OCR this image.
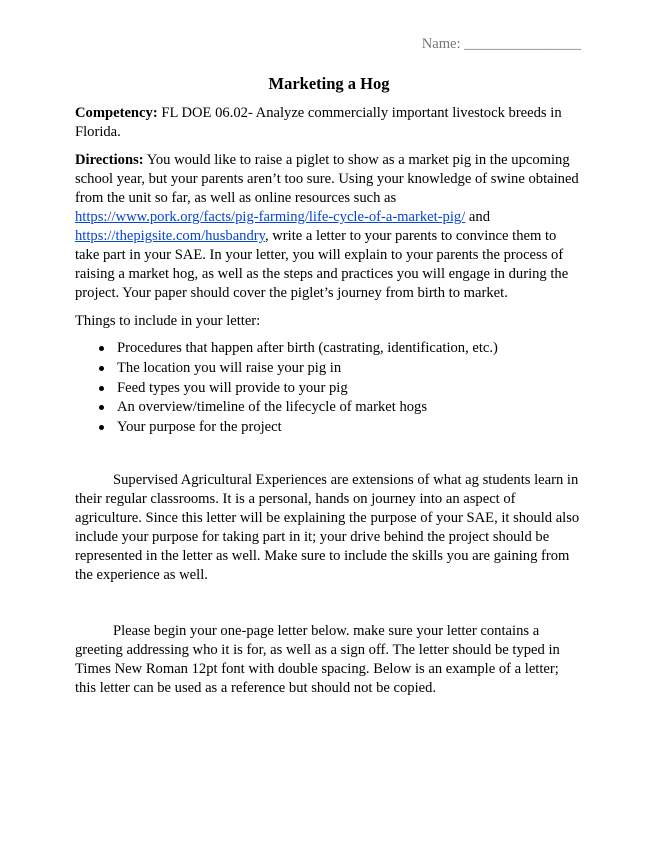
Name: ________________
Marketing a Hog

Competency: FL DOE 06.02- Analyze commercially important livestock breeds in Florida.

Directions: You would like to raise a piglet to show as a market pig in the upcoming school year, but your parents aren’t too sure. Using your knowledge of swine obtained from the unit so far, as well as online resources such as https://www.pork.org/facts/pig-farming/life-cycle-of-a-market-pig/ and https://thepigsite.com/husbandry, write a letter to your parents to convince them to take part in your SAE. In your letter, you will explain to your parents the process of raising a market hog, as well as the steps and practices you will engage in during the project. Your paper should cover the piglet’s journey from birth to market.

Things to include in your letter:

Procedures that happen after birth (castrating, identification, etc.)
The location you will raise your pig in
Feed types you will provide to your pig
An overview/timeline of the lifecycle of market hogs
Your purpose for the project

Supervised Agricultural Experiences are extensions of what ag students learn in their regular classrooms. It is a personal, hands on journey into an aspect of agriculture. Since this letter will be explaining the purpose of your SAE, it should also include your purpose for taking part in it; your drive behind the project should be represented in the letter as well. Make sure to include the skills you are gaining from the experience as well.

Please begin your one-page letter below. make sure your letter contains a greeting addressing who it is for, as well as a sign off. The letter should be typed in Times New Roman 12pt font with double spacing. Below is an example of a letter; this letter can be used as a reference but should not be copied.
